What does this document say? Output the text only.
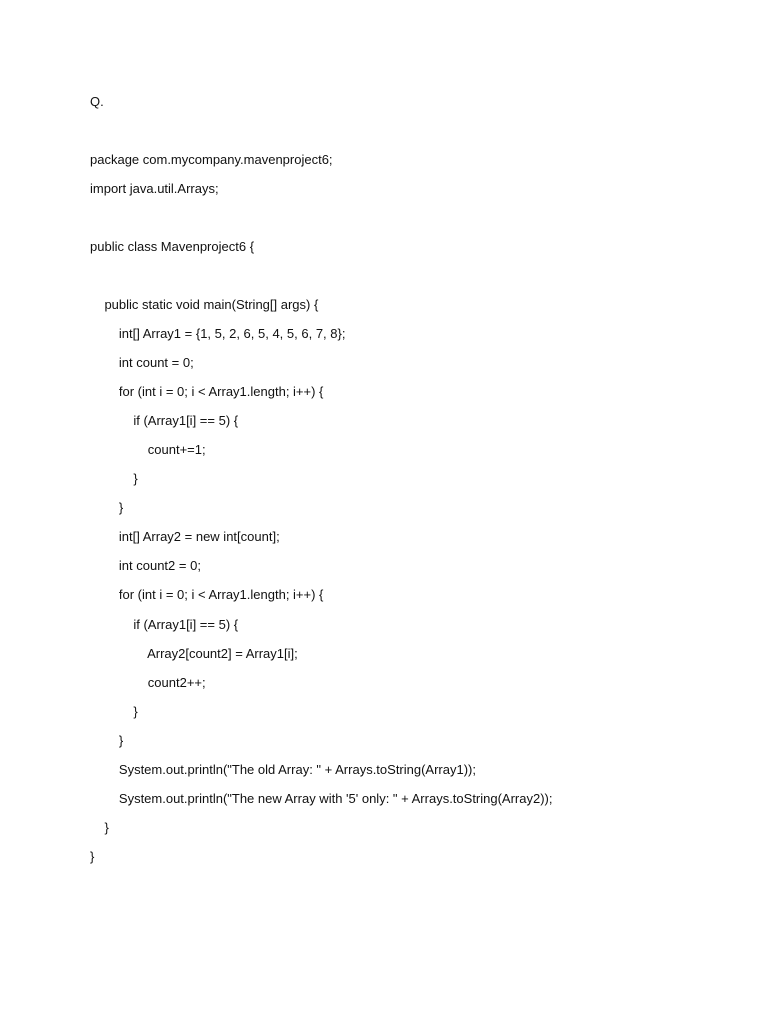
Q.
package com.mycompany.mavenproject6;
import java.util.Arrays;
public class Mavenproject6 {
public static void main(String[] args) {
int[] Array1 = {1, 5, 2, 6, 5, 4, 5, 6, 7, 8};
int count = 0;
for (int i = 0; i < Array1.length; i++) {
if (Array1[i] == 5) {
count+=1;
}
}
int[] Array2 = new int[count];
int count2 = 0;
for (int i = 0; i < Array1.length; i++) {
if (Array1[i] == 5) {
Array2[count2] = Array1[i];
count2++;
}
}
System.out.println("The old Array: " + Arrays.toString(Array1));
System.out.println("The new Array with '5' only: " + Arrays.toString(Array2));
}
}
